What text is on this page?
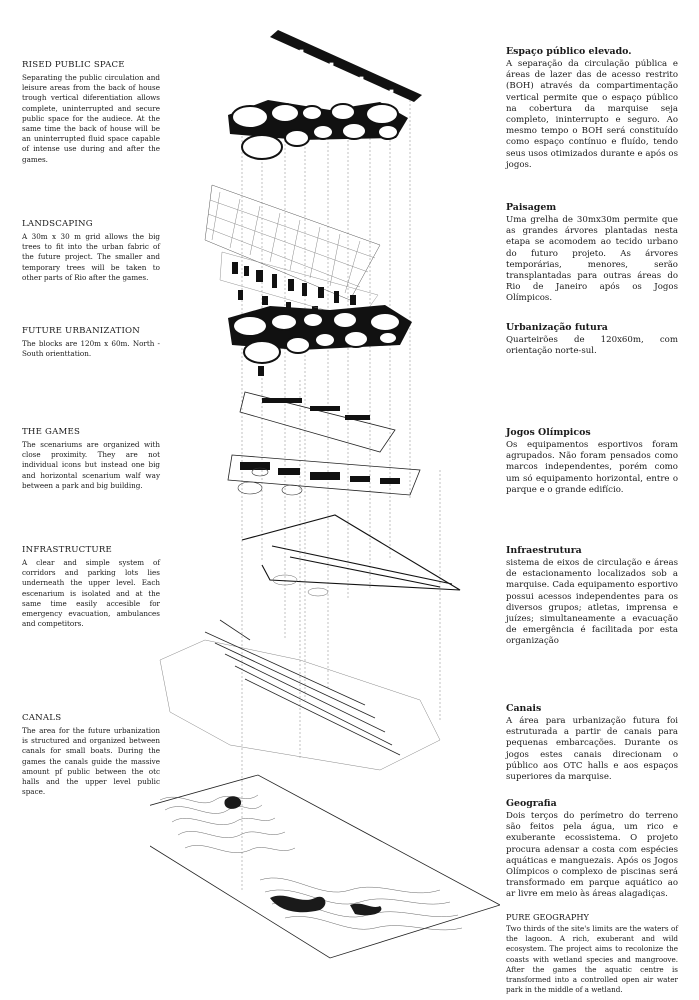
RISED PUBLIC SPACE

Separating the public circulation and leisure areas from the back of house trough vertical diferentiation allows complete, uninterrupted and secure public space for the audiece. At the same time the back of house will be an uninterrupted fluid space capable of intense use during and after the games.

LANDSCAPING

A 30m x 30 m grid allows the big trees to fit into the urban fabric of the future project. The smaller and temporary trees will be taken to other parts of Rio after the games.

FUTURE URBANIZATION

The blocks are 120m x 60m. North - South orienttation.

THE GAMES

The scenariums are organized with close proximity. They are not individual icons but instead one big and horizontal scenarium walf way between a park and big building.

INFRASTRUCTURE

A clear and simple system of corridors and parking lots lies underneath the upper level. Each escenarium is isolated and at the same time easily accesible for emergency evacuation, ambulances and competitors.

CANALS

The area for the future urbanization is structured and organized between canals for small boats. During the games the canals guide the massive amount pf public between the otc halls and the upper level public space.

Espaço público elevado.

A separação da circulação pública e áreas de lazer das de acesso restrito (BOH) através da compartimentação vertical permite que o espaço público na cobertura da marquise seja completo, ininterrupto e seguro. Ao mesmo tempo o BOH será constituído como espaço contínuo e fluído, tendo seus usos otimizados durante e após os jogos.

Paisagem

Uma grelha de 30mx30m permite que as grandes árvores plantadas nesta etapa se acomodem ao tecido urbano do futuro projeto. As árvores temporárias, menores, serão transplantadas para outras áreas do Rio de Janeiro após os Jogos Olímpicos.

Urbanização futura

Quarteirões de 120x60m, com orientação norte-sul.

Jogos Olímpicos

Os equipamentos esportivos foram agrupados. Não foram pensados como marcos independentes, porém como um só equipamento horizontal, entre o parque e o grande edifício.

Infraestrutura

sistema de eixos de circulação e áreas de estacionamento localizados sob a marquise. Cada equipamento esportivo possui acessos independentes para os diversos grupos; atletas, imprensa e juízes; simultaneamente a evacuação de emergência é facilitada por esta organização

Canais

A área para urbanização futura foi estruturada a partir de canais para pequenas embarcações. Durante os jogos estes canais direcionam o público aos OTC halls e aos espaços superiores da marquise.

Geografia

Dois terços do perímetro do terreno são feitos pela água, um rico e exuberante ecossistema. O projeto procura adensar a costa com espécies aquáticas e manguezais. Após os Jogos Olímpicos o complexo de piscinas será transformado em parque aquático ao ar livre em meio às áreas alagadiças.

PURE GEOGRAPHY

Two thirds of the site's limits are the waters of the lagoon. A rich, exuberant and wild ecosystem. The project aims to recolonize the coasts with wetland species and mangroove. After the games the aquatic centre is transformed into a controlled open air water park in the middle of a wetland.
